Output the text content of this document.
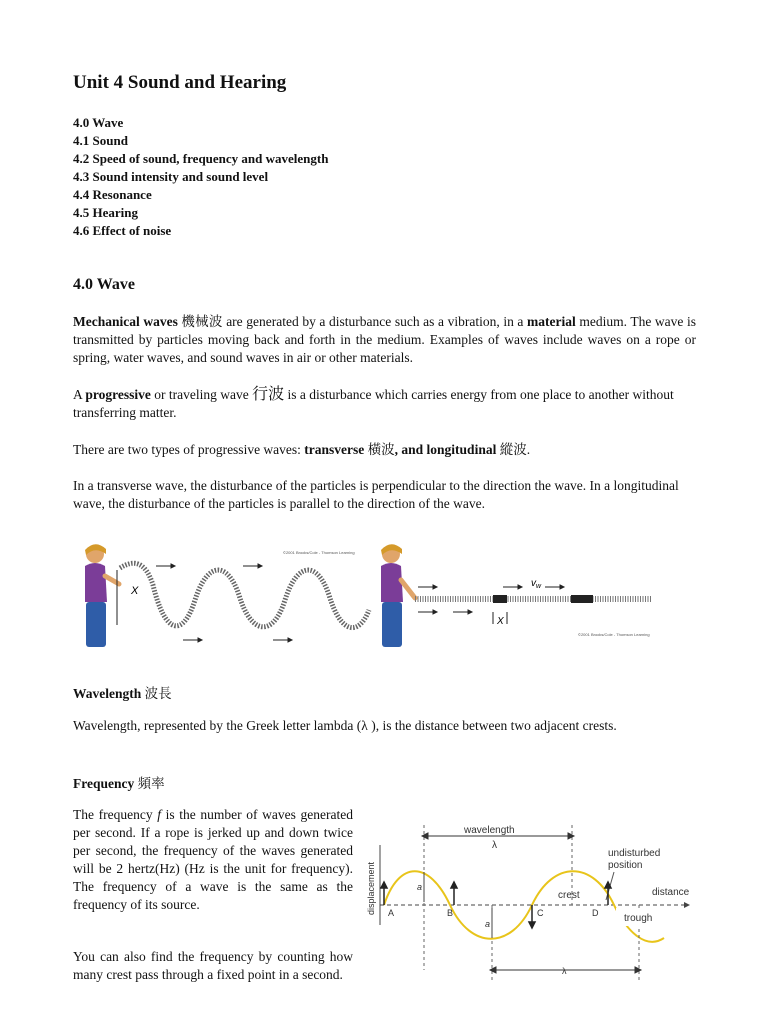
Unit 4 Sound and Hearing
4.0 Wave
4.1 Sound
4.2 Speed of sound, frequency and wavelength
4.3 Sound intensity and sound level
4.4 Resonance
4.5 Hearing
4.6 Effect of noise
4.0 Wave

Mechanical waves 機械波 are generated by a disturbance such as a vibration, in a material medium. The wave is transmitted by particles moving back and forth in the medium. Examples of waves include waves on a rope or spring, water waves, and sound waves in air or other materials.

A progressive or traveling wave 行波 is a disturbance which carries energy from one place to another without transferring matter.

There are two types of progressive waves: transverse 橫波, and longitudinal 縱波.

In a transverse wave, the disturbance of the particles is perpendicular to the direction the wave. In a longitudinal wave, the disturbance of the particles is parallel to the direction of the wave.

X
©2001 Brooks/Cole - Thomson Learning
X
$v_w$
©2001 Brooks/Cole - Thomson Learning
Wavelength 波長

Wavelength, represented by the Greek letter lambda (λ ), is the distance between two adjacent crests.

Frequency 頻率

The frequency f is the number of waves generated per second. If a rope is jerked up and down twice per second, the frequency of the waves generated will be 2 hertz(Hz) (Hz is the unit for frequency). The frequency of a wave is the same as the frequency of its source.

You can also find the frequency by counting how many crest pass through a fixed point in a second.

displacement
wavelength
λ
undisturbed
position
distance
crest
trough
A	B	C	D
a
a
λ
